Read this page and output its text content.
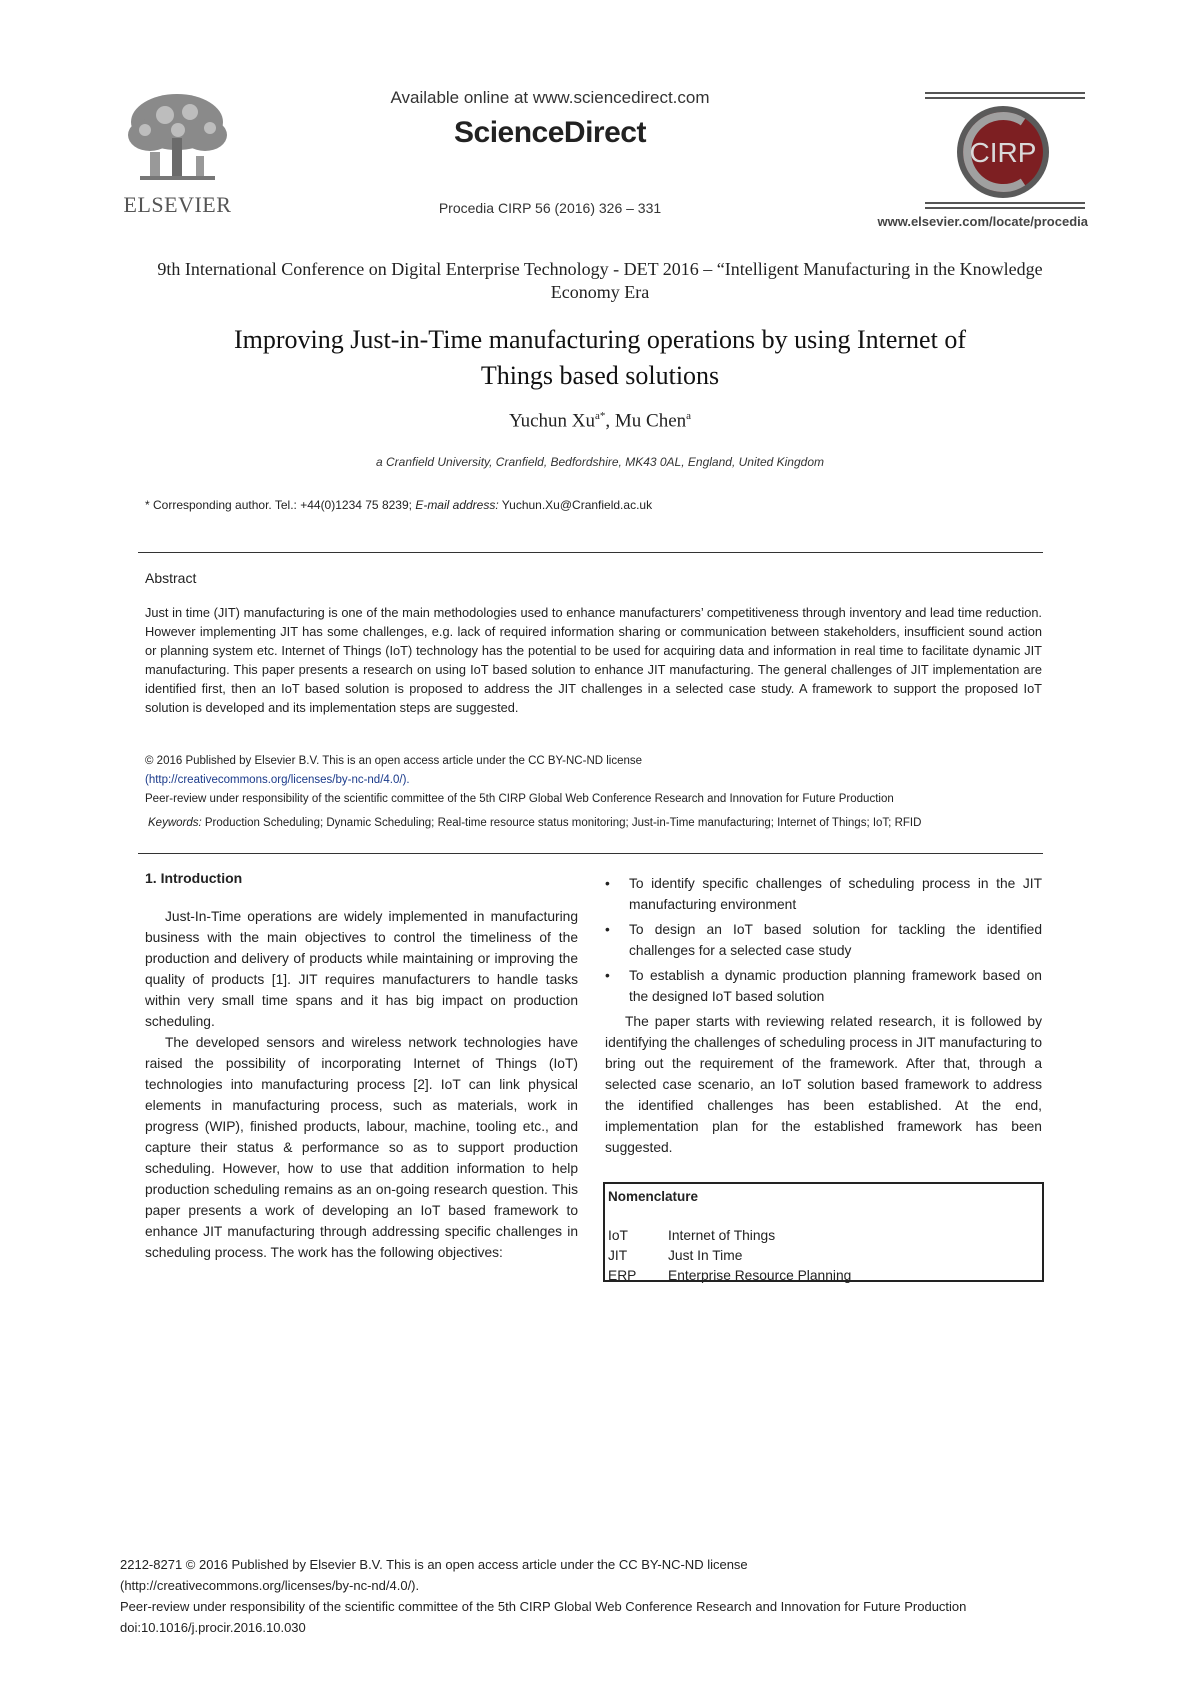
ELSEVIER
Available online at www.sciencedirect.com
ScienceDirect
Procedia CIRP 56 (2016) 326 – 331
CIRP
www.elsevier.com/locate/procedia
9th International Conference on Digital Enterprise Technology - DET 2016 – “Intelligent Manufacturing in the Knowledge Economy Era
Improving Just-in-Time manufacturing operations by using Internet of
Things based solutions
Yuchun $Xu^{a*}$, Mu Chen$^a$
a Cranfield University, Cranfield, Bedfordshire, MK43 0AL, England, United Kingdom
* Corresponding author. Tel.: +44(0)1234 75 8239; E-mail address: Yuchun.Xu@Cranfield.ac.uk
Abstract
Just in time (JIT) manufacturing is one of the main methodologies used to enhance manufacturers’ competitiveness through inventory and lead time reduction. However implementing JIT has some challenges, e.g. lack of required information sharing or communication between stakeholders, insufficient sound action or planning system etc. Internet of Things (IoT) technology has the potential to be used for acquiring data and information in real time to facilitate dynamic JIT manufacturing. This paper presents a research on using IoT based solution to enhance JIT manufacturing. The general challenges of JIT implementation are identified first, then an IoT based solution is proposed to address the JIT challenges in a selected case study. A framework to support the proposed IoT solution is developed and its implementation steps are suggested.
© 2016 Published by Elsevier B.V. This is an open access article under the CC BY-NC-ND license
(http://creativecommons.org/licenses/by-nc-nd/4.0/).
Peer-review under responsibility of the scientific committee of the 5th CIRP Global Web Conference Research and Innovation for Future Production
Keywords: Production Scheduling; Dynamic Scheduling; Real-time resource status monitoring; Just-in-Time manufacturing; Internet of Things; IoT; RFID
1. Introduction

Just-In-Time operations are widely implemented in manufacturing business with the main objectives to control the timeliness of the production and delivery of products while maintaining or improving the quality of products [1]. JIT requires manufacturers to handle tasks within very small time spans and it has big impact on production scheduling.

The developed sensors and wireless network technologies have raised the possibility of incorporating Internet of Things (IoT) technologies into manufacturing process [2]. IoT can link physical elements in manufacturing process, such as materials, work in progress (WIP), finished products, labour, machine, tooling etc., and capture their status & performance so as to support production scheduling. However, how to use that addition information to help production scheduling remains as an on-going research question. This paper presents a work of developing an IoT based framework to enhance JIT manufacturing through addressing specific challenges in scheduling process. The work has the following objectives:

• To identify specific challenges of scheduling process in the JIT manufacturing environment
• To design an IoT based solution for tackling the identified challenges for a selected case study
• To establish a dynamic production planning framework based on the designed IoT based solution

The paper starts with reviewing related research, it is followed by identifying the challenges of scheduling process in JIT manufacturing to bring out the requirement of the framework. After that, through a selected case scenario, an IoT solution based framework to address the identified challenges has been established. At the end, implementation plan for the established framework has been suggested.

Nomenclature
IoT	Internet of Things
JIT	Just In Time
ERP	Enterprise Resource Planning
2212-8271 © 2016 Published by Elsevier B.V. This is an open access article under the CC BY-NC-ND license
(http://creativecommons.org/licenses/by-nc-nd/4.0/).
Peer-review under responsibility of the scientific committee of the 5th CIRP Global Web Conference Research and Innovation for Future Production
doi:10.1016/j.procir.2016.10.030
